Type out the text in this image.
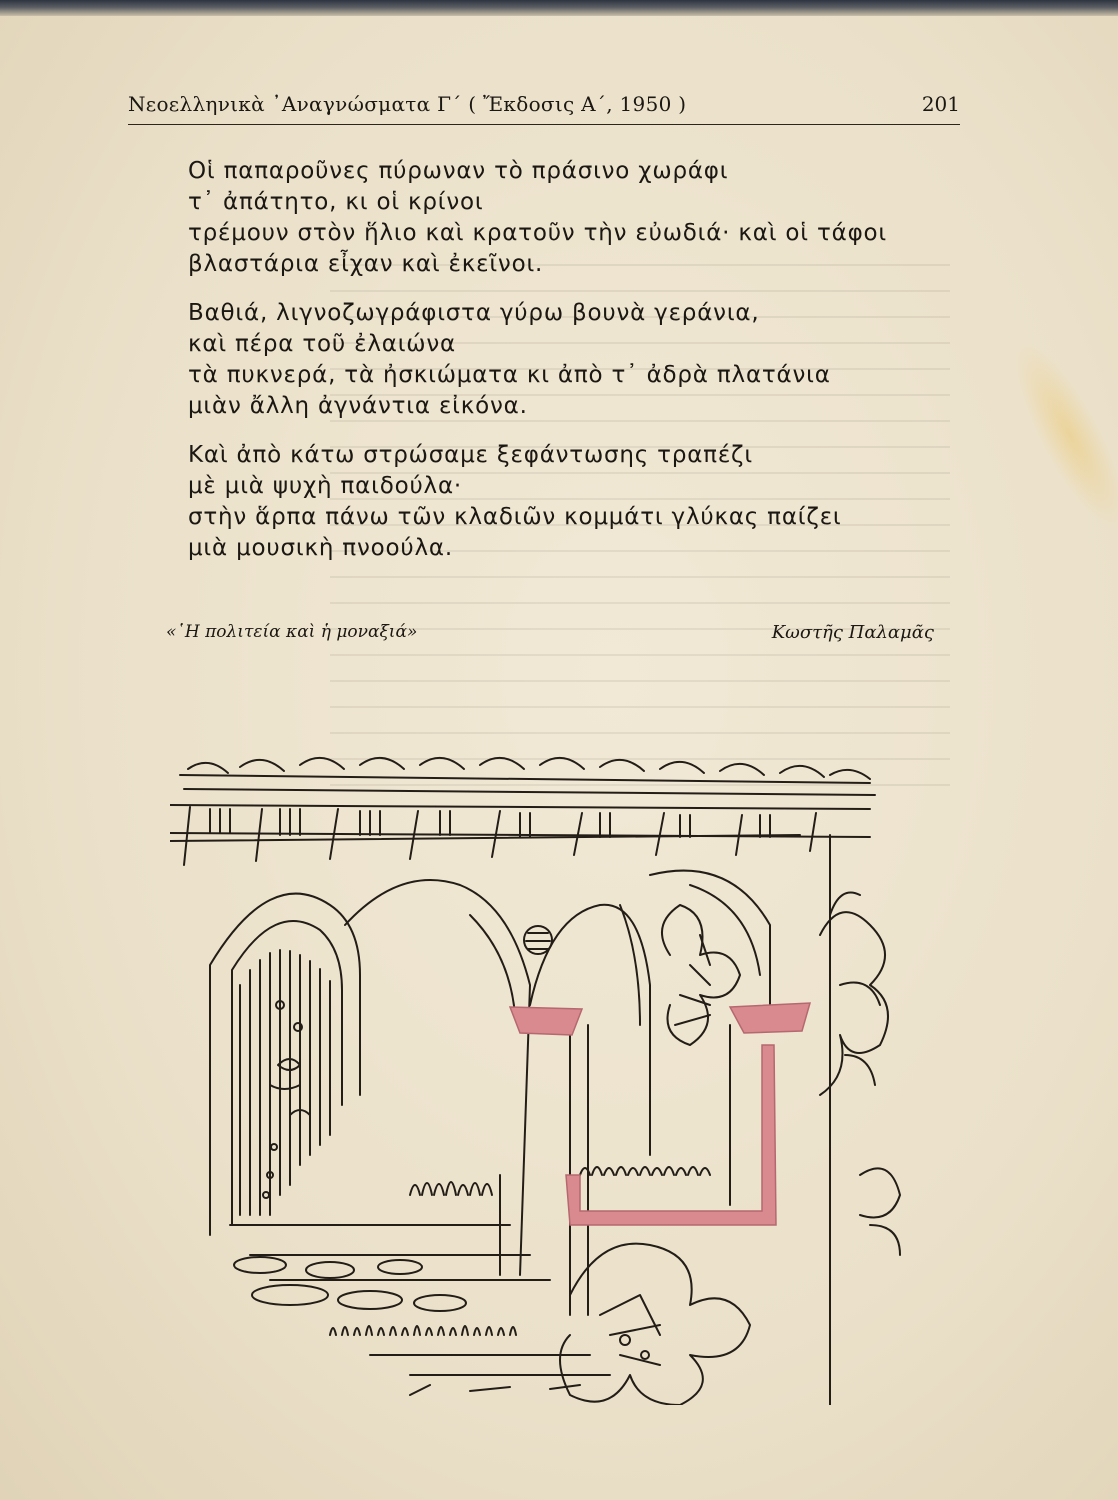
Νεοελληνικὰ ᾿Αναγνώσματα Γ΄ ( Ἔκδοσις Α΄, 1950 )	201
Οἱ παπαροῦνες πύρωναν τὸ πράσινο χωράφι
τ᾿ ἀπάτητο, κι οἱ κρίνοι
τρέμουν στὸν ἥλιο καὶ κρατοῦν τὴν εὐωδιά· καὶ οἱ τάφοι
βλαστάρια εἶχαν καὶ ἐκεῖνοι.
Βαθιά, λιγνοζωγράφιστα γύρω βουνὰ γεράνια,
καὶ πέρα τοῦ ἐλαιώνα
τὰ πυκνερά, τὰ ἠσκιώματα κι ἀπὸ τ᾿ ἀδρὰ πλατάνια
μιὰν ἄλλη ἀγνάντια εἰκόνα.
Καὶ ἀπὸ κάτω στρώσαμε ξεφάντωσης τραπέζι
μὲ μιὰ ψυχὴ παιδούλα·
στὴν ἅρπα πάνω τῶν κλαδιῶν κομμάτι γλύκας παίζει
μιὰ μουσικὴ πνοούλα.
«῾Η πολιτεία καὶ ἡ μοναξιά»	Κωστῆς Παλαμᾶς
